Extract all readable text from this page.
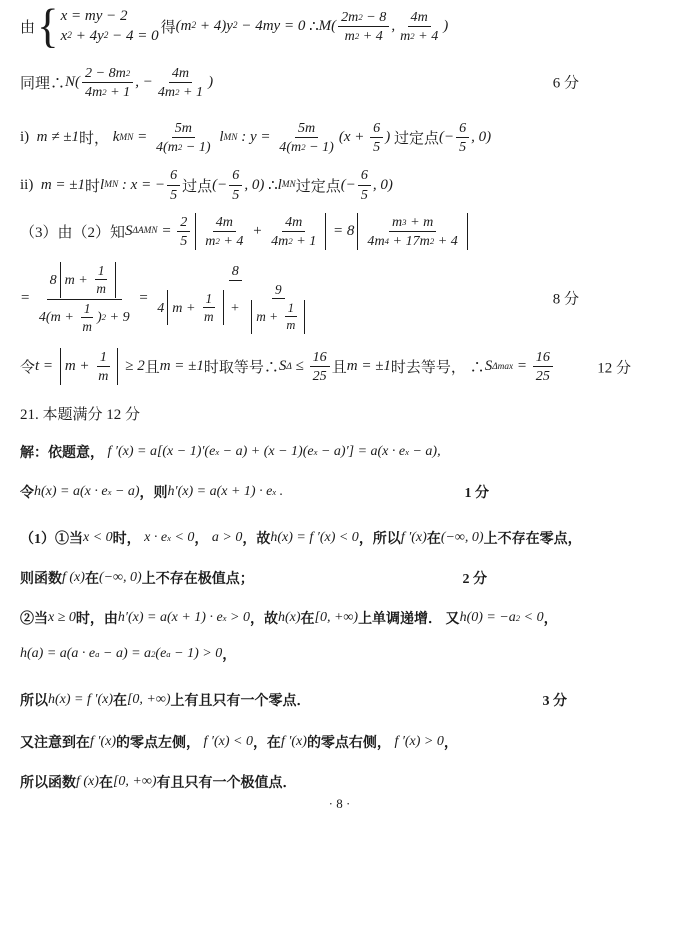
由 { x = my − 2
x 2 + 4y 2 − 4 = 0 得 (m 2 + 4)y 2 − 4my = 0 ∴ $M( \frac{2m 2 - 8}{m 2 + 4}$ , $\frac{4m}{m 2 + 4}$ )
同理∴ $N( \frac{2 - 8m 2}{4m 2 + 1}$ , − $\frac{4m}{4m 2 + 1}$ )	6 分
i) m ≠ ±1 时， k MN = $\frac{5m}{4(m 2 - 1)}$ l MN : $y = \frac{5m}{4(m 2 - 1)} (x + \frac{6}{5}$ ) 过定点 (− $\frac{6}{5}$ , 0)
ii) m = ±1 时 l MN : x = − $\frac{6}{5}$ 过点 (− $\frac{6}{5}$ , 0) ∴ l MN 过定点 (− $\frac{6}{5}$ , 0)
（3）由（2）知 S $\Delta AMN = \frac{2}{5} \frac{4m}{m 2 + 4} + \frac{4m}{4m 2 + 1} = 8 \frac{m 3 + m}{4m 4 + 17m 2 + 4}$
= $\frac{8 m + \frac{1}{m}}{4(m + \frac{1}{m} ) 2 + 9} = \frac{8}{4 m + \frac{1}{m} + \frac{9}{m + \frac{1}{m}}}$	8 分
令 $t = m + \frac{1}{m} \ge 2$ 且 m = ±1 时取等号∴ S $\Delta \le \frac{16}{25}$ 且 m = ±1 时去等号， ∴ S $\Delta\max = \frac{16}{25}$	12 分
21. 本题满分 12 分
解：依题意， f ′(x) = a[(x − 1)′(e x − a) + (x − 1)(e x − a)′] = a(x · e x − a),
令 h(x) = a(x · e x − a) ，则 h′(x) = a(x + 1) · e x .	1 分
（1）①当 x < 0 时， x · e x < 0 ， a > 0 ，故 h(x) = f ′(x) < 0 ，所以 f ′(x) 在 (−∞, 0) 上不存在零点，
则函数 f (x) 在 (−∞, 0) 上不存在极值点；	2 分
②当 x ≥ 0 时，由 h′(x) = a(x + 1) · e x > 0 ，故 h(x) 在 [0, +∞) 上单调递增． 又 h(0) = −a 2 < 0 ，
h(a) = a(a · e a − a) = a 2 (e a − 1) > 0 ，
所以 h(x) = f ′(x) 在 [0, +∞) 上有且只有一个零点．	3 分
又注意到在 f ′(x) 的零点左侧， f ′(x) < 0 ，在 f ′(x) 的零点右侧， f ′(x) > 0 ，
所以函数 f (x) 在 [0, +∞) 有且只有一个极值点．
· 8 ·
